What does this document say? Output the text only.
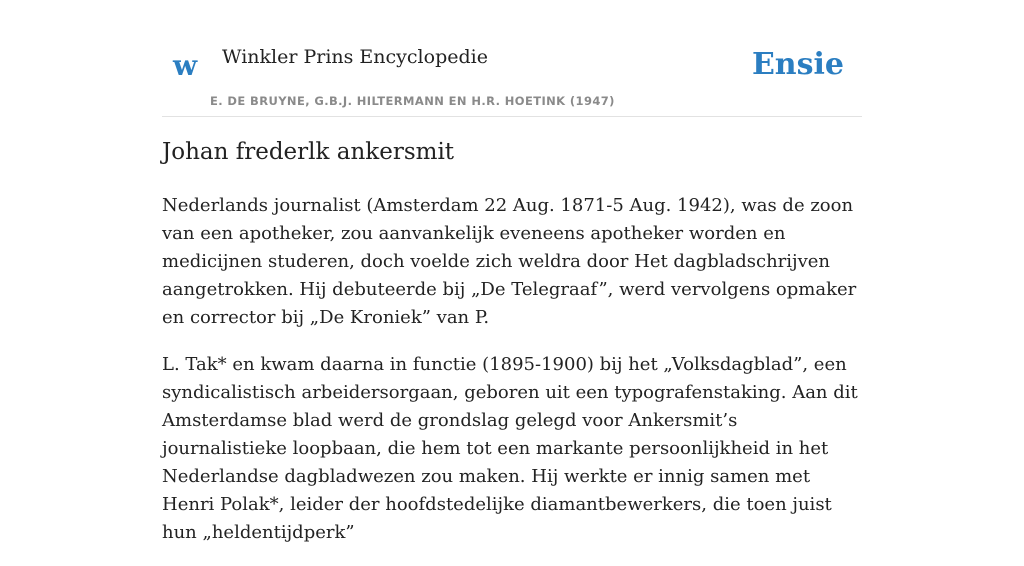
w Winkler Prins Encyclopedie
E. DE BRUYNE, G.B.J. HILTERMANN EN H.R. HOETINK (1947)
Ensie
Johan frederlk ankersmit

Nederlands journalist (Amsterdam 22 Aug. 1871-5 Aug. 1942), was de zoon van een apotheker, zou aanvankelijk eveneens apotheker worden en medicijnen studeren, doch voelde zich weldra door Het dagbladschrijven aangetrokken. Hij debuteerde bij „De Telegraaf”, werd vervolgens opmaker en corrector bij „De Kroniek” van P.

L. Tak* en kwam daarna in functie (1895-1900) bij het „Volksdagblad”, een syndicalistisch arbeidersorgaan, geboren uit een typografenstaking. Aan dit Amsterdamse blad werd de grondslag gelegd voor Ankersmit’s journalistieke loopbaan, die hem tot een markante persoonlijkheid in het Nederlandse dagbladwezen zou maken. Hij werkte er innig samen met Henri Polak*, leider der hoofdstedelijke diamantbewerkers, die toen juist hun „heldentijdperk”
